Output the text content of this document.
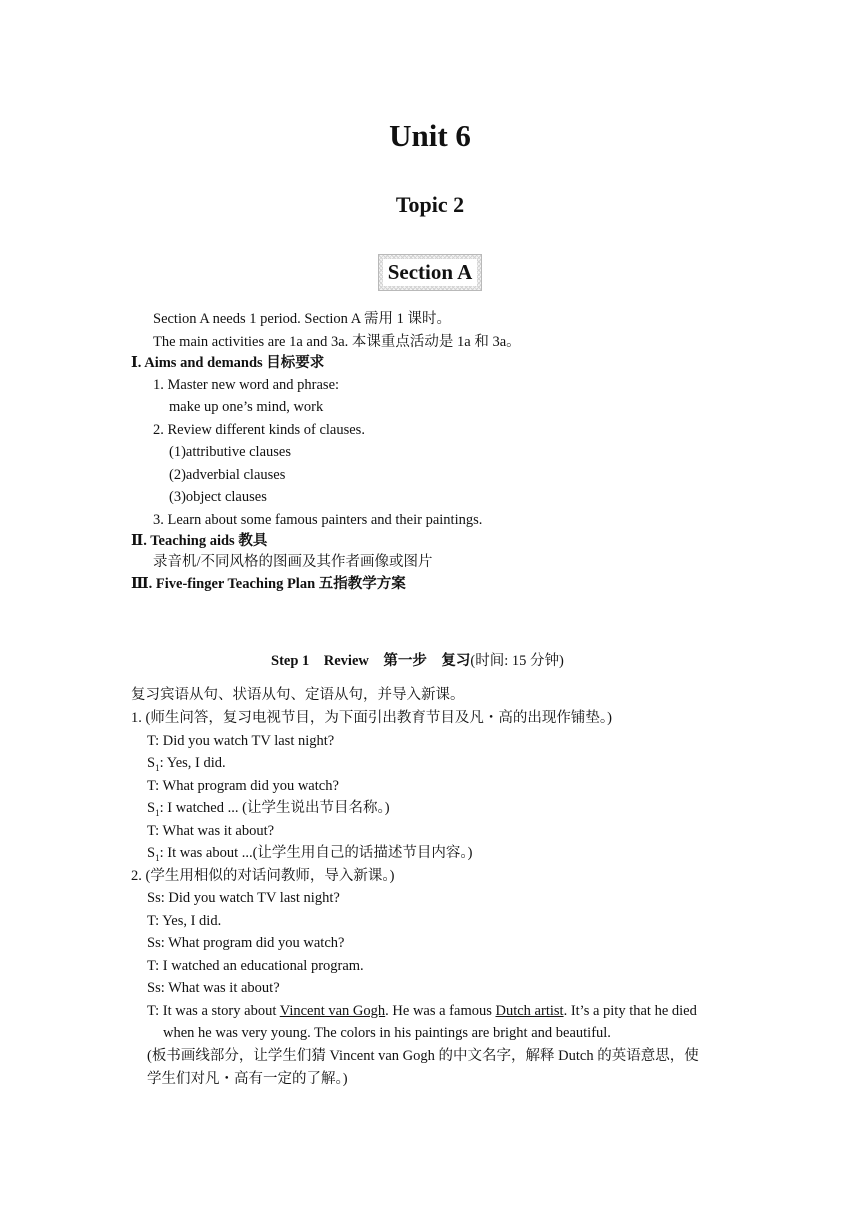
Unit 6
Topic 2
Section A
Section A needs 1 period. Section A 需用 1 课时。
The main activities are 1a and 3a. 本课重点活动是 1a 和 3a。
Ⅰ. Aims and demands 目标要求
1. Master new word and phrase:
make up one’s mind, work
2. Review different kinds of clauses.
(1)attributive clauses
(2)adverbial clauses
(3)object clauses
3. Learn about some famous painters and their paintings.
Ⅱ. Teaching aids 教具
录音机/不同风格的图画及其作者画像或图片
Ⅲ. Five-finger Teaching Plan 五指教学方案
Step 1    Review    第一步    复习(时间: 15 分钟)
复习宾语从句、状语从句、定语从句，并导入新课。
1. (师生问答，复习电视节目，为下面引出教育节目及凡・高的出现作铺垫。)
T: Did you watch TV last night?
$S_1$: Yes, I did.
T: What program did you watch?
$S_1$: I watched ... (让学生说出节目名称。)
T: What was it about?
$S_1$: It was about ...(让学生用自己的话描述节目内容。)
2. (学生用相似的对话问教师，导入新课。)
Ss: Did you watch TV last night?
T: Yes, I did.
Ss: What program did you watch?
T: I watched an educational program.
Ss: What was it about?
T: It was a story about Vincent van Gogh. He was a famous Dutch artist. It’s a pity that he died
when he was very young. The colors in his paintings are bright and beautiful.
(板书画线部分，让学生们猜 Vincent van Gogh 的中文名字，解释 Dutch 的英语意思，使
学生们对凡・高有一定的了解。)
